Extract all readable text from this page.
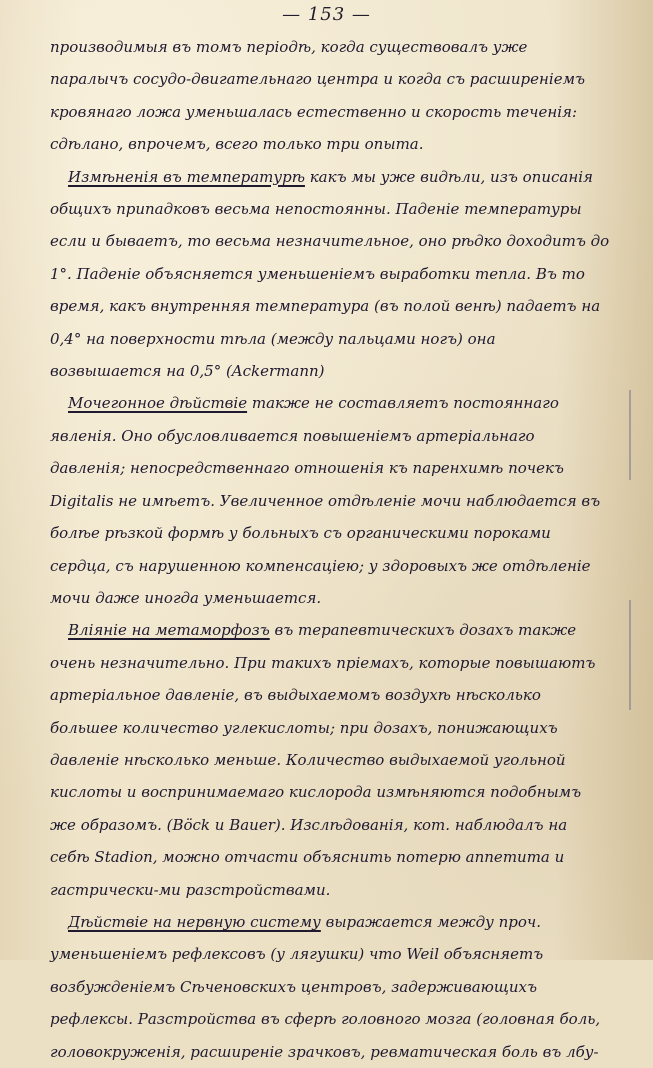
— 153 —

производимыя въ томъ періодѣ, когда существовалъ уже паралычъ сосудо-двигательнаго центра и когда съ расширеніемъ кровянаго ложа уменьшалась естественно и скорость теченія: сдѣлано, впрочемъ, всего только три опыта.

Измѣненія въ температурѣ какъ мы уже видѣли, изъ описанія общихъ припадковъ весьма непостоянны. Паденіе температуры если и бываетъ, то весьма незначительное, оно рѣдко доходитъ до 1°. Паденіе объясняется уменьшеніемъ выработки тепла. Въ то время, какъ внутренняя температура (въ полой венѣ) падаетъ на 0,4° на поверхности тѣла (между пальцами ногъ) она возвышается на 0,5° (Ackermann)

Мочегонное дѣйствіе также не составляетъ постояннаго явленія. Оно обусловливается повышеніемъ артеріальнаго давленія; непосредственнаго отношенія къ паренхимѣ почекъ Digitalis не имѣетъ. Увеличенное отдѣленіе мочи наблюдается въ болѣе рѣзкой формѣ у больныхъ съ органическими пороками сердца, съ нарушенною компенсаціею; у здоровыхъ же отдѣленіе мочи даже иногда уменьшается.

Вліяніе на метаморфозъ въ терапевтическихъ дозахъ также очень незначительно. При такихъ пріемахъ, которые повышаютъ артеріальное давленіе, въ выдыхаемомъ воздухѣ нѣсколько большее количество углекислоты; при дозахъ, понижающихъ давленіе нѣсколько меньше. Количество выдыхаемой угольной кислоты и воспринимаемаго кислорода измѣняются подобнымъ же образомъ. (Böck и Bauer). Изслѣдованія, кот. наблюдалъ на себѣ Stadion, можно отчасти объяснить потерю аппетита и гастрически-ми разстройствами.

Дѣйствіе на нервную систему выражается между проч. уменьшеніемъ рефлексовъ (у лягушки) что Weil объясняетъ возбужденіемъ Сѣченовскихъ центровъ, задерживающихъ рефлексы. Разстройства въ сферѣ головного мозга (головная боль, головокруженія, расширеніе зрачковъ, ревматическая боль въ лбу-
